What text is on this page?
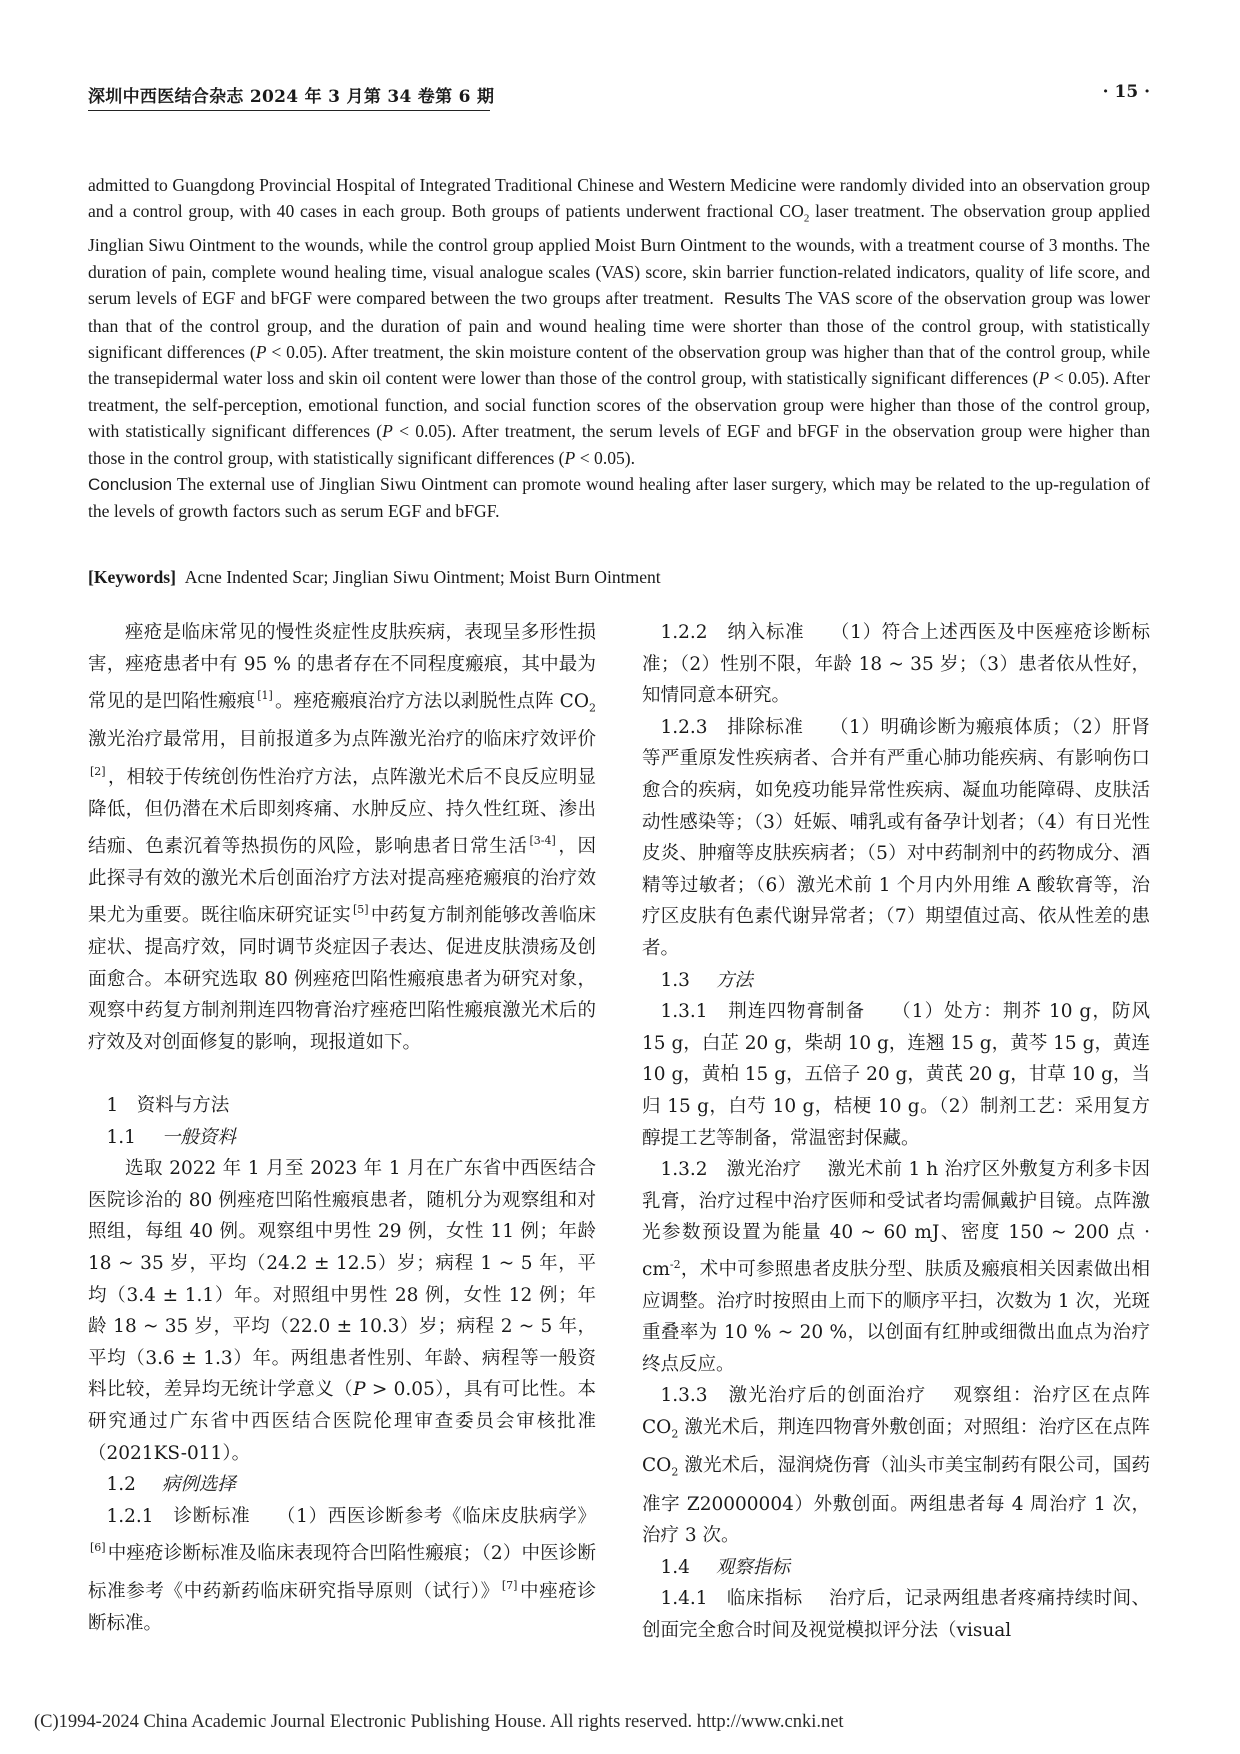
深圳中西医结合杂志 2024 年 3 月第 34 卷第 6 期	· 15 ·

admitted to Guangdong Provincial Hospital of Integrated Traditional Chinese and Western Medicine were randomly divided into an observation group and a control group, with 40 cases in each group. Both groups of patients underwent fractional $CO_2$ laser treatment. The observation group applied Jinglian Siwu Ointment to the wounds, while the control group applied Moist Burn Ointment to the wounds, with a treatment course of 3 months. The duration of pain, complete wound healing time, visual analogue scales (VAS) score, skin barrier function-related indicators, quality of life score, and serum levels of EGF and bFGF were compared between the two groups after treatment. Results The VAS score of the observation group was lower than that of the control group, and the duration of pain and wound healing time were shorter than those of the control group, with statistically significant differences (P < 0.05). After treatment, the skin moisture content of the observation group was higher than that of the control group, while the transepidermal water loss and skin oil content were lower than those of the control group, with statistically significant differences (P < 0.05). After treatment, the self-perception, emotional function, and social function scores of the observation group were higher than those of the control group, with statistically significant differences (P < 0.05). After treatment, the serum levels of EGF and bFGF in the observation group were higher than those in the control group, with statistically significant differences (P < 0.05).
Conclusion The external use of Jinglian Siwu Ointment can promote wound healing after laser surgery, which may be related to the up-regulation of the levels of growth factors such as serum EGF and bFGF.

[Keywords] Acne Indented Scar; Jinglian Siwu Ointment; Moist Burn Ointment

痤疮是临床常见的慢性炎症性皮肤疾病，表现呈多形性损害，痤疮患者中有 95 % 的患者存在不同程度瘢痕，其中最为常见的是凹陷性瘢痕 [1] 。痤疮瘢痕治疗方法以剥脱性点阵 $CO_2$ 激光治疗最常用，目前报道多为点阵激光治疗的临床疗效评价[2] ，相较于传统创伤性治疗方法，点阵激光术后不良反应明显降低，但仍潜在术后即刻疼痛、水肿反应、持久性红斑、渗出结痂、色素沉着等热损伤的风险，影响患者日常生活 [3-4] ，因此探寻有效的激光术后创面治疗方法对提高痤疮瘢痕的治疗效果尤为重要。既往临床研究证实 [5] 中药复方制剂能够改善临床症状、提高疗效，同时调节炎症因子表达、促进皮肤溃疡及创面愈合。本研究选取 80 例痤疮凹陷性瘢痕患者为研究对象，观察中药复方制剂荆连四物膏治疗痤疮凹陷性瘢痕激光术后的疗效及对创面修复的影响，现报道如下。

1　资料与方法

1.1 一般资料

选取 2022 年 1 月至 2023 年 1 月在广东省中西医结合医院诊治的 80 例痤疮凹陷性瘢痕患者，随机分为观察组和对照组，每组 40 例。观察组中男性 29 例，女性 11 例；年龄 18 ~ 35 岁，平均（24.2 ± 12.5）岁；病程 1 ~ 5 年，平均（3.4 ± 1.1）年。对照组中男性 28 例，女性 12 例；年龄 18 ~ 35 岁，平均（22.0 ± 10.3）岁；病程 2 ~ 5 年，平均（3.6 ± 1.3）年。两组患者性别、年龄、病程等一般资料比较，差异均无统计学意义（P > 0.05），具有可比性。本研究通过广东省中西医结合医院伦理审查委员会审核批准（2021KS-011）。

1.2 病例选择

1.2.1　诊断标准 （1）西医诊断参考《临床皮肤病学》[6] 中痤疮诊断标准及临床表现符合凹陷性瘢痕；（2）中医诊断标准参考《中药新药临床研究指导原则（试行）》 [7] 中痤疮诊断标准。

1.2.2　纳入标准 （1）符合上述西医及中医痤疮诊断标准；（2）性别不限，年龄 18 ~ 35 岁；（3）患者依从性好，知情同意本研究。

1.2.3　排除标准 （1）明确诊断为瘢痕体质；（2）肝肾等严重原发性疾病者、合并有严重心肺功能疾病、有影响伤口愈合的疾病，如免疫功能异常性疾病、凝血功能障碍、皮肤活动性感染等；（3）妊娠、哺乳或有备孕计划者；（4）有日光性皮炎、肿瘤等皮肤疾病者；（5）对中药制剂中的药物成分、酒精等过敏者；（6）激光术前 1 个月内外用维 A 酸软膏等，治疗区皮肤有色素代谢异常者；（7）期望值过高、依从性差的患者。

1.3 方法

1.3.1　荆连四物膏制备 （1）处方：荆芥 10 g，防风 15 g，白芷 20 g，柴胡 10 g，连翘 15 g，黄芩 15 g，黄连 10 g，黄柏 15 g，五倍子 20 g，黄芪 20 g，甘草 10 g，当归 15 g，白芍 10 g，桔梗 10 g。（2）制剂工艺：采用复方醇提工艺等制备，常温密封保藏。

1.3.2　激光治疗 激光术前 1 h 治疗区外敷复方利多卡因乳膏，治疗过程中治疗医师和受试者均需佩戴护目镜。点阵激光参数预设置为能量 40 ~ 60 mJ、密度 150 ~ 200 点 · $cm^{-2}$，术中可参照患者皮肤分型、肤质及瘢痕相关因素做出相应调整。治疗时按照由上而下的顺序平扫，次数为 1 次，光斑重叠率为 10 % ~ 20 %，以创面有红肿或细微出血点为治疗终点反应。

1.3.3　激光治疗后的创面治疗 观察组：治疗区在点阵 $CO_2$ 激光术后，荆连四物膏外敷创面；对照组：治疗区在点阵 $CO_2$ 激光术后，湿润烧伤膏（汕头市美宝制药有限公司，国药准字 Z20000004）外敷创面。两组患者每 4 周治疗 1 次，治疗 3 次。

1.4 观察指标

1.4.1　临床指标 治疗后，记录两组患者疼痛持续时间、创面完全愈合时间及视觉模拟评分法（visual

(C)1994-2024 China Academic Journal Electronic Publishing House. All rights reserved. http://www.cnki.net
